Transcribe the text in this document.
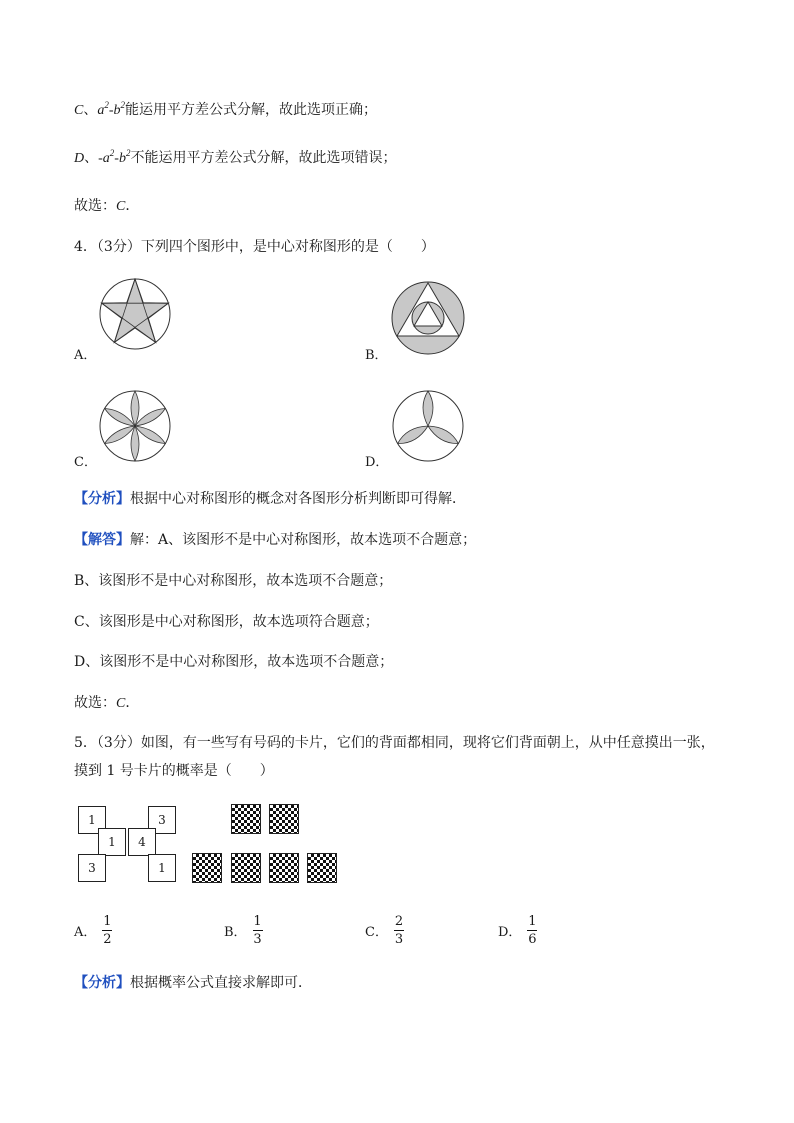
C、$a^2-b^2$能运用平方差公式分解，故此选项正确；
D、$-a^2-b^2$不能运用平方差公式分解，故此选项错误；
故选：C．
4．（3分）下列四个图形中，是中心对称图形的是（　　）
A．	B．
C．	D．
【分析】根据中心对称图形的概念对各图形分析判断即可得解．
【解答】解：A、该图形不是中心对称图形，故本选项不合题意；
B、该图形不是中心对称图形，故本选项不合题意；
C、该图形是中心对称图形，故本选项符合题意；
D、该图形不是中心对称图形，故本选项不合题意；
故选：C．
5．（3分）如图，有一些写有号码的卡片，它们的背面都相同，现将它们背面朝上，从中任意摸出一张，
摸到 1 号卡片的概率是（　　）
1	3
1	4
3	1
A．
1
2	B．
1
3	C．
2
3	D．
1
6
【分析】根据概率公式直接求解即可．
